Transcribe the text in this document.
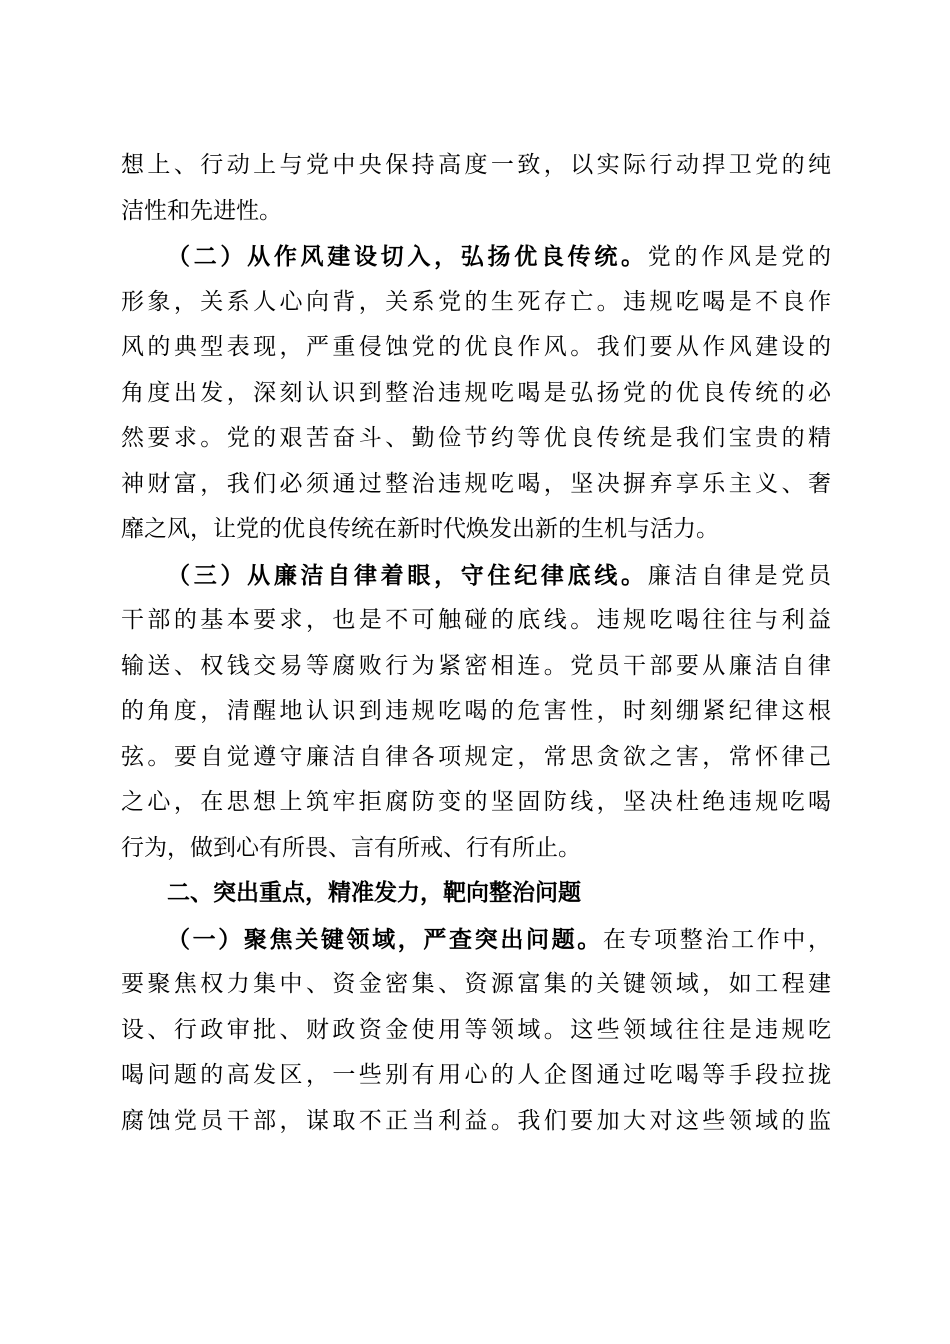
想上、行动上与党中央保持高度一致，以实际行动捍卫党的纯
洁性和先进性。
（二）从作风建设切入，弘扬优良传统。党的作风是党的
形象，关系人心向背，关系党的生死存亡。违规吃喝是不良作
风的典型表现，严重侵蚀党的优良作风。我们要从作风建设的
角度出发，深刻认识到整治违规吃喝是弘扬党的优良传统的必
然要求。党的艰苦奋斗、勤俭节约等优良传统是我们宝贵的精
神财富，我们必须通过整治违规吃喝，坚决摒弃享乐主义、奢
靡之风，让党的优良传统在新时代焕发出新的生机与活力。
（三）从廉洁自律着眼，守住纪律底线。廉洁自律是党员
干部的基本要求，也是不可触碰的底线。违规吃喝往往与利益
输送、权钱交易等腐败行为紧密相连。党员干部要从廉洁自律
的角度，清醒地认识到违规吃喝的危害性，时刻绷紧纪律这根
弦。要自觉遵守廉洁自律各项规定，常思贪欲之害，常怀律己
之心，在思想上筑牢拒腐防变的坚固防线，坚决杜绝违规吃喝
行为，做到心有所畏、言有所戒、行有所止。
二、突出重点，精准发力，靶向整治问题
（一）聚焦关键领域，严查突出问题。在专项整治工作中，
要聚焦权力集中、资金密集、资源富集的关键领域，如工程建
设、行政审批、财政资金使用等领域。这些领域往往是违规吃
喝问题的高发区，一些别有用心的人企图通过吃喝等手段拉拢
腐蚀党员干部，谋取不正当利益。我们要加大对这些领域的监
